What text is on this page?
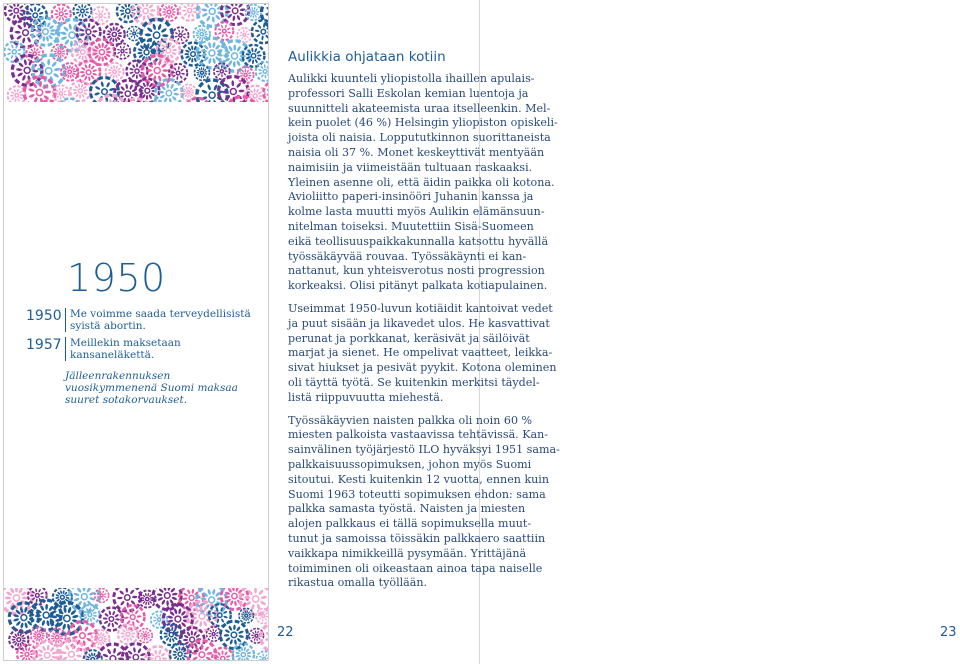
1950
1950 Me voimme saada terveydellisistä syistä abortin.
1957 Meillekin maksetaan kansaneläkettä.
Jälleenrakennuksen vuosikymmenenä Suomi maksaa suuret sotakorvaukset.
22
Aulikkia ohjataan kotiin

Aulikki kuunteli yliopistolla ihaillen apulais-
professori Salli Eskolan kemian luentoja ja
suunnitteli akateemista uraa itselleenkin. Mel-
kein puolet (46 %) Helsingin yliopiston opiskeli-
joista oli naisia. Loppututkinnon suorittaneista
naisia oli 37 %. Monet keskeyttivät mentyään
naimisiin ja viimeistään tultuaan raskaaksi.
Yleinen asenne oli, että äidin paikka oli kotona.
Avioliitto paperi-insinööri Juhanin kanssa ja
kolme lasta muutti myös Aulikin elämänsuun-
nitelman toiseksi. Muutettiin Sisä-Suomeen
eikä teollisuuspaikkakunnalla katsottu hyvällä
työssäkäyvää rouvaa. Työssäkäynti ei kan-
nattanut, kun yhteisverotus nosti progression
korkeaksi. Olisi pitänyt palkata kotiapulainen.

Useimmat 1950-luvun kotiäidit kantoivat vedet
ja puut sisään ja likavedet ulos. He kasvattivat
perunat ja porkkanat, keräsivät ja säilöivät
marjat ja sienet. He ompelivat vaatteet, leikka-
sivat hiukset ja pesivät pyykit. Kotona oleminen
oli täyttä työtä. Se kuitenkin merkitsi täydel-
listä riippuvuutta miehestä.

Työssäkäyvien naisten palkka oli noin 60 %
miesten palkoista vastaavissa tehtävissä. Kan-
sainvälinen työjärjestö ILO hyväksyi 1951 sama-
palkkaisuussopimuksen, johon myös Suomi
sitoutui. Kesti kuitenkin 12 vuotta, ennen kuin
Suomi 1963 toteutti sopimuksen ehdon: sama
palkka samasta työstä. Naisten ja miesten
alojen palkkaus ei tällä sopimuksella muut-
tunut ja samoissa töissäkin palkkaero saattiin
vaikkapa nimikkeillä pysymään. Yrittäjänä
toimiminen oli oikeastaan ainoa tapa naiselle
rikastua omalla työllään.

23
